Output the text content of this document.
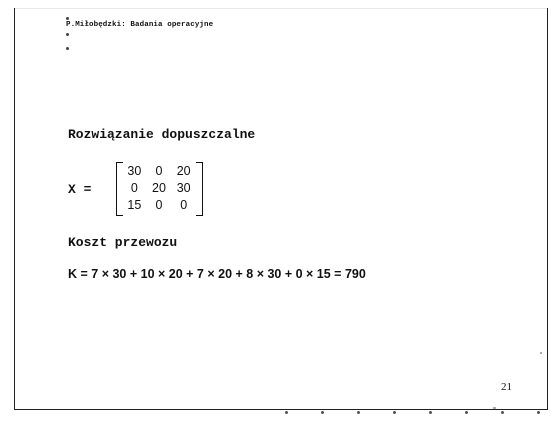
P.Miłobędzki: Badania operacyjne
Rozwiązanie dopuszczalne
X =
30	0	20
0	20 30
15	0	0
Koszt przewozu
K = 7 × 30 + 10 × 20 + 7 × 20 + 8 × 30 + 0 × 15 = 790
21
